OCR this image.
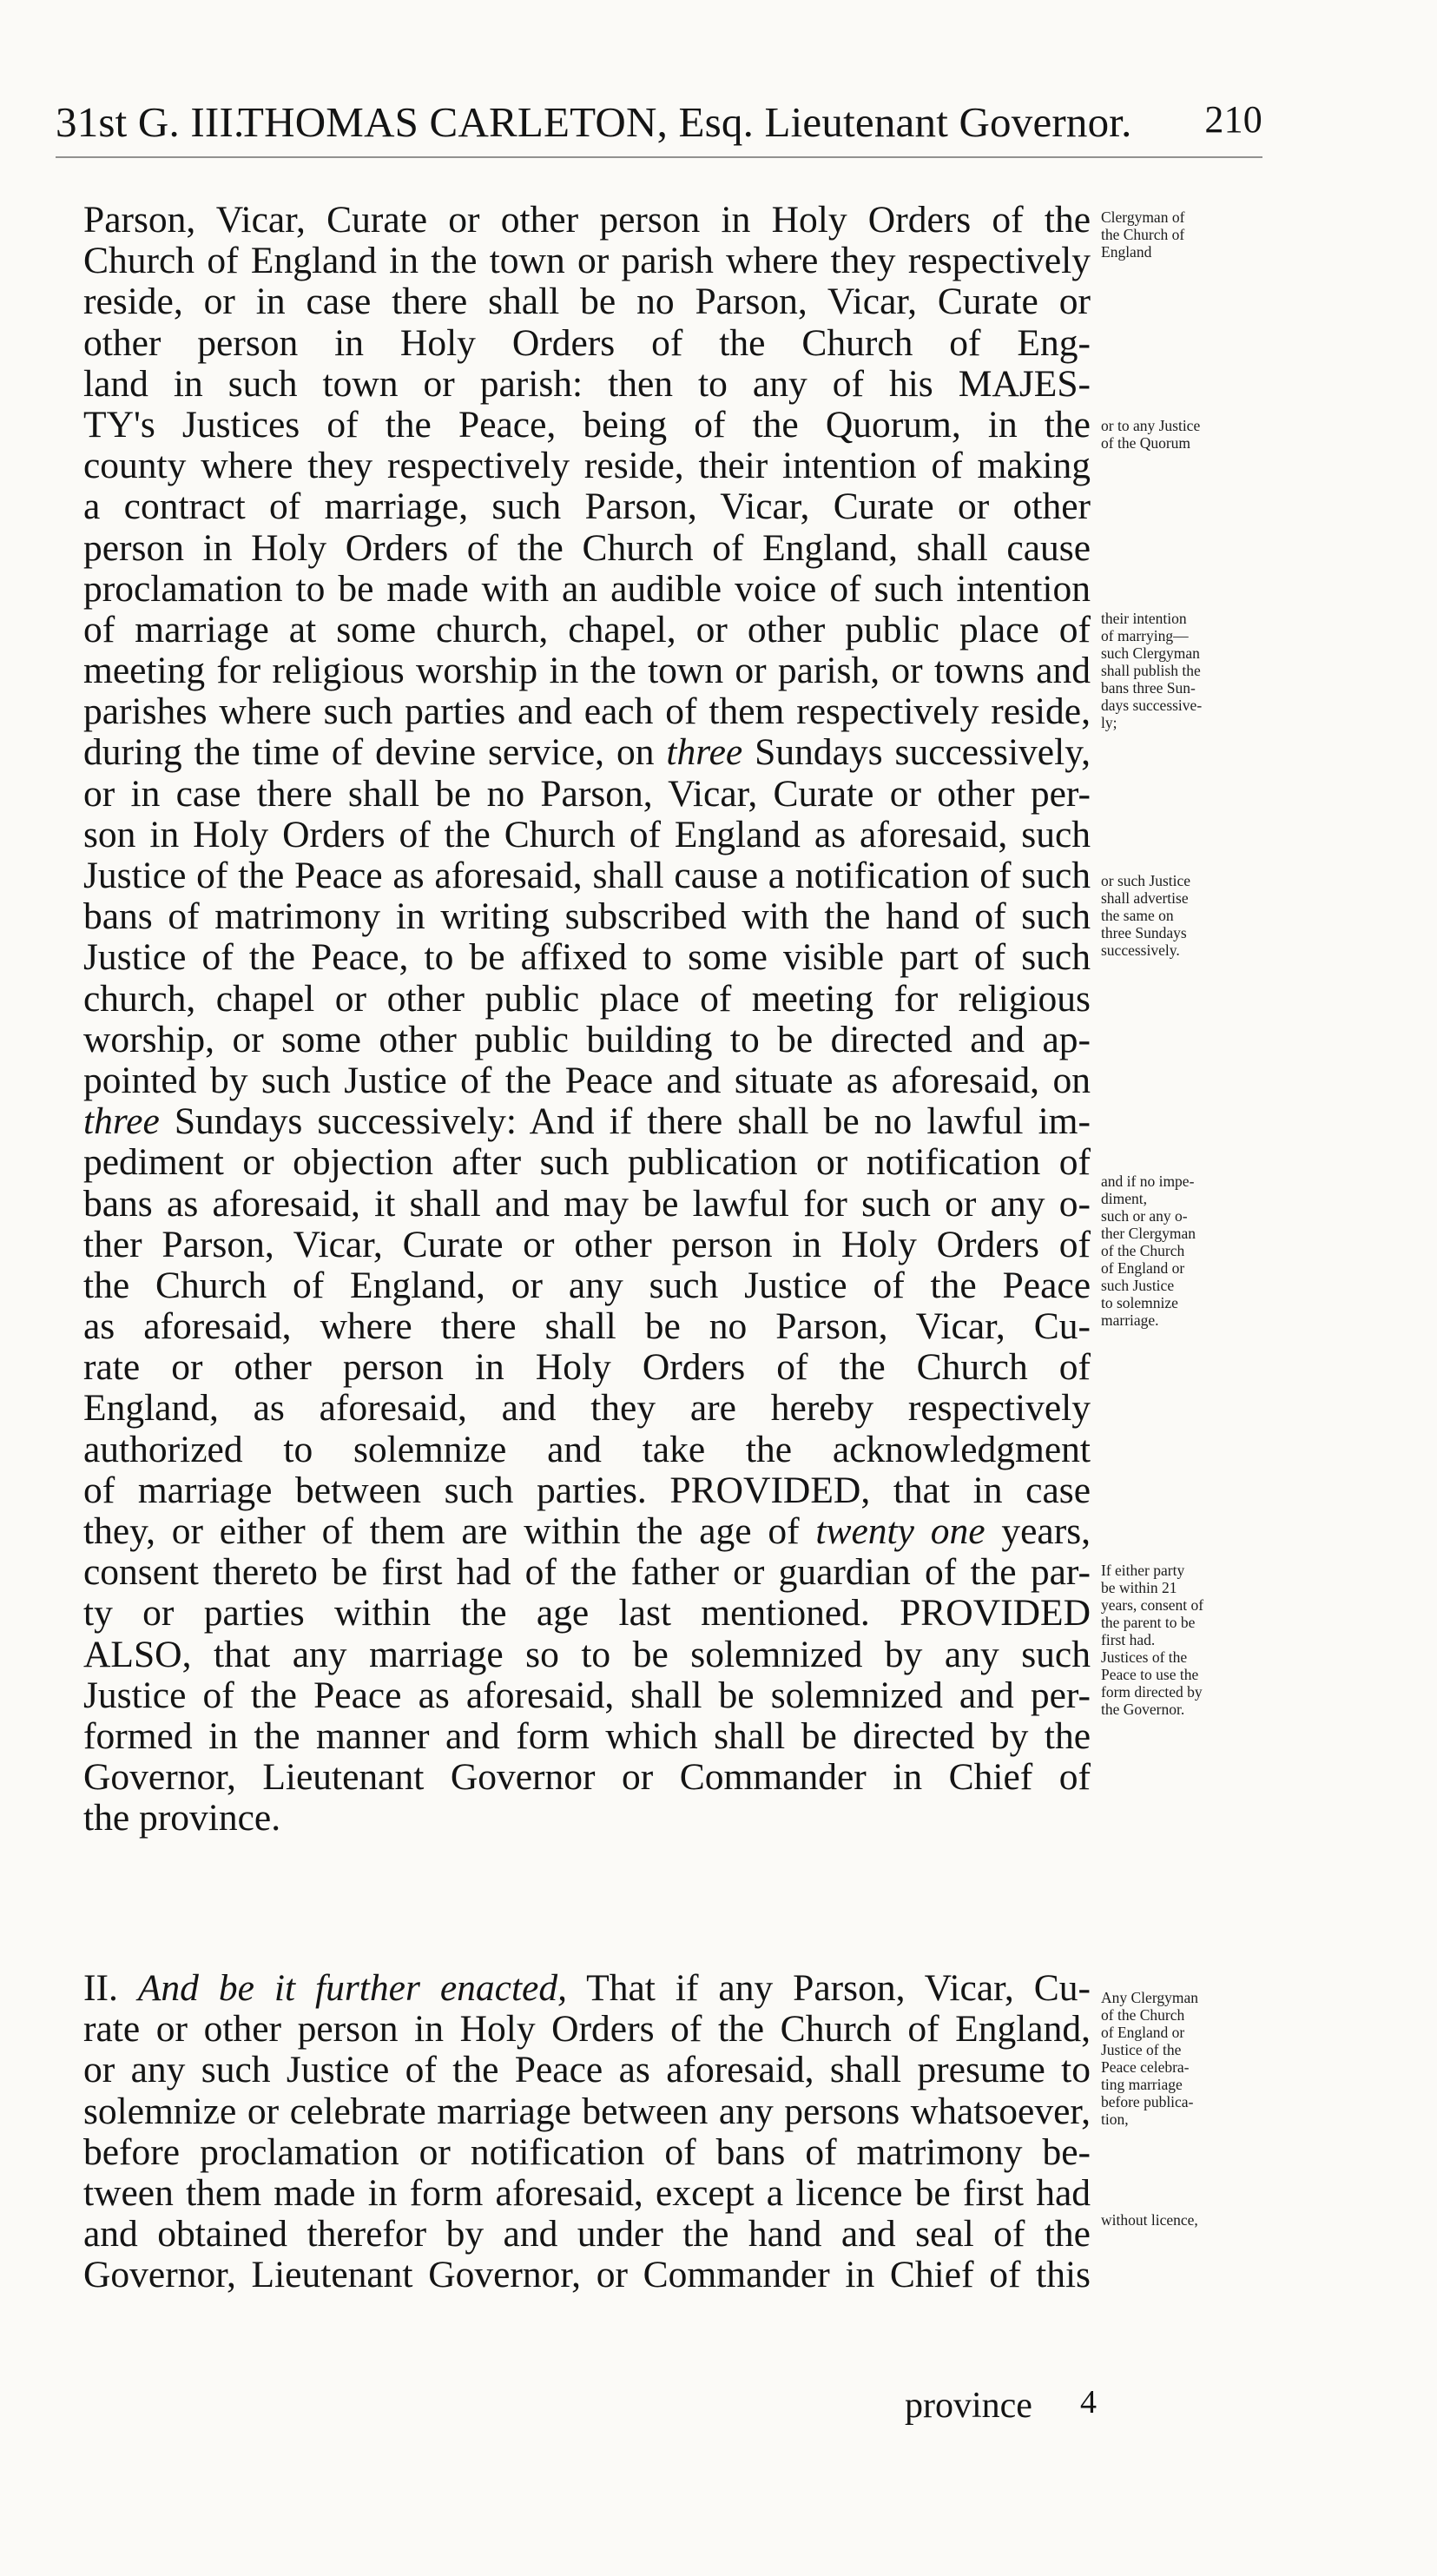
31st G. III.
THOMAS CARLETON, Esq. Lieutenant Governor. 210
Parson, Vicar, Curate or other person in Holy Orders of the
Church of England in the town or parish where they respectively
reside, or in case there shall be no Parson, Vicar, Curate or
other person in Holy Orders of the Church of Eng-
land in such town or parish: then to any of his MAJES-
TY's Justices of the Peace, being of the Quorum, in the
county where they respectively reside, their intention of making
a contract of marriage, such Parson, Vicar, Curate or other
person in Holy Orders of the Church of England, shall cause
proclamation to be made with an audible voice of such intention
of marriage at some church, chapel, or other public place of
meeting for religious worship in the town or parish, or towns and
parishes where such parties and each of them respectively reside,
during the time of devine service, on three Sundays successively,
or in case there shall be no Parson, Vicar, Curate or other per-
son in Holy Orders of the Church of England as aforesaid, such
Justice of the Peace as aforesaid, shall cause a notification of such
bans of matrimony in writing subscribed with the hand of such
Justice of the Peace, to be affixed to some visible part of such
church, chapel or other public place of meeting for religious
worship, or some other public building to be directed and ap-
pointed by such Justice of the Peace and situate as aforesaid, on
three Sundays successively: And if there shall be no lawful im-
pediment or objection after such publication or notification of
bans as aforesaid, it shall and may be lawful for such or any o-
ther Parson, Vicar, Curate or other person in Holy Orders of
the Church of England, or any such Justice of the Peace
as aforesaid, where there shall be no Parson, Vicar, Cu-
rate or other person in Holy Orders of the Church of
England, as aforesaid, and they are hereby respectively
authorized to solemnize and take the acknowledgment
of marriage between such parties. PROVIDED, that in case
they, or either of them are within the age of twenty one years,
consent thereto be first had of the father or guardian of the par-
ty or parties within the age last mentioned. PROVIDED
ALSO, that any marriage so to be solemnized by any such
Justice of the Peace as aforesaid, shall be solemnized and per-
formed in the manner and form which shall be directed by the
Governor, Lieutenant Governor or Commander in Chief of
the province.
II. And be it further enacted, That if any Parson, Vicar, Cu-
rate or other person in Holy Orders of the Church of England,
or any such Justice of the Peace as aforesaid, shall presume to
solemnize or celebrate marriage between any persons whatsoever,
before proclamation or notification of bans of matrimony be-
tween them made in form aforesaid, except a licence be first had
and obtained therefor by and under the hand and seal of the
Governor, Lieutenant Governor, or Commander in Chief of this
Clergyman of
the Church of
England
or to any Justice
of the Quorum
their intention
of marrying—
such Clergyman
shall publish the
bans three Sun-
days successive-
ly;
or such Justice
shall advertise
the same on
three Sundays
successively.
and if no impe-
diment,
such or any o-
ther Clergyman
of the Church
of England or
such Justice
to solemnize
marriage.
If either party
be within 21
years, consent of
the parent to be
first had.
Justices of the
Peace to use the
form directed by
the Governor.
Any Clergyman
of the Church
of England or
Justice of the
Peace celebra-
ting marriage
before publica-
tion,
without licence,
province 4
